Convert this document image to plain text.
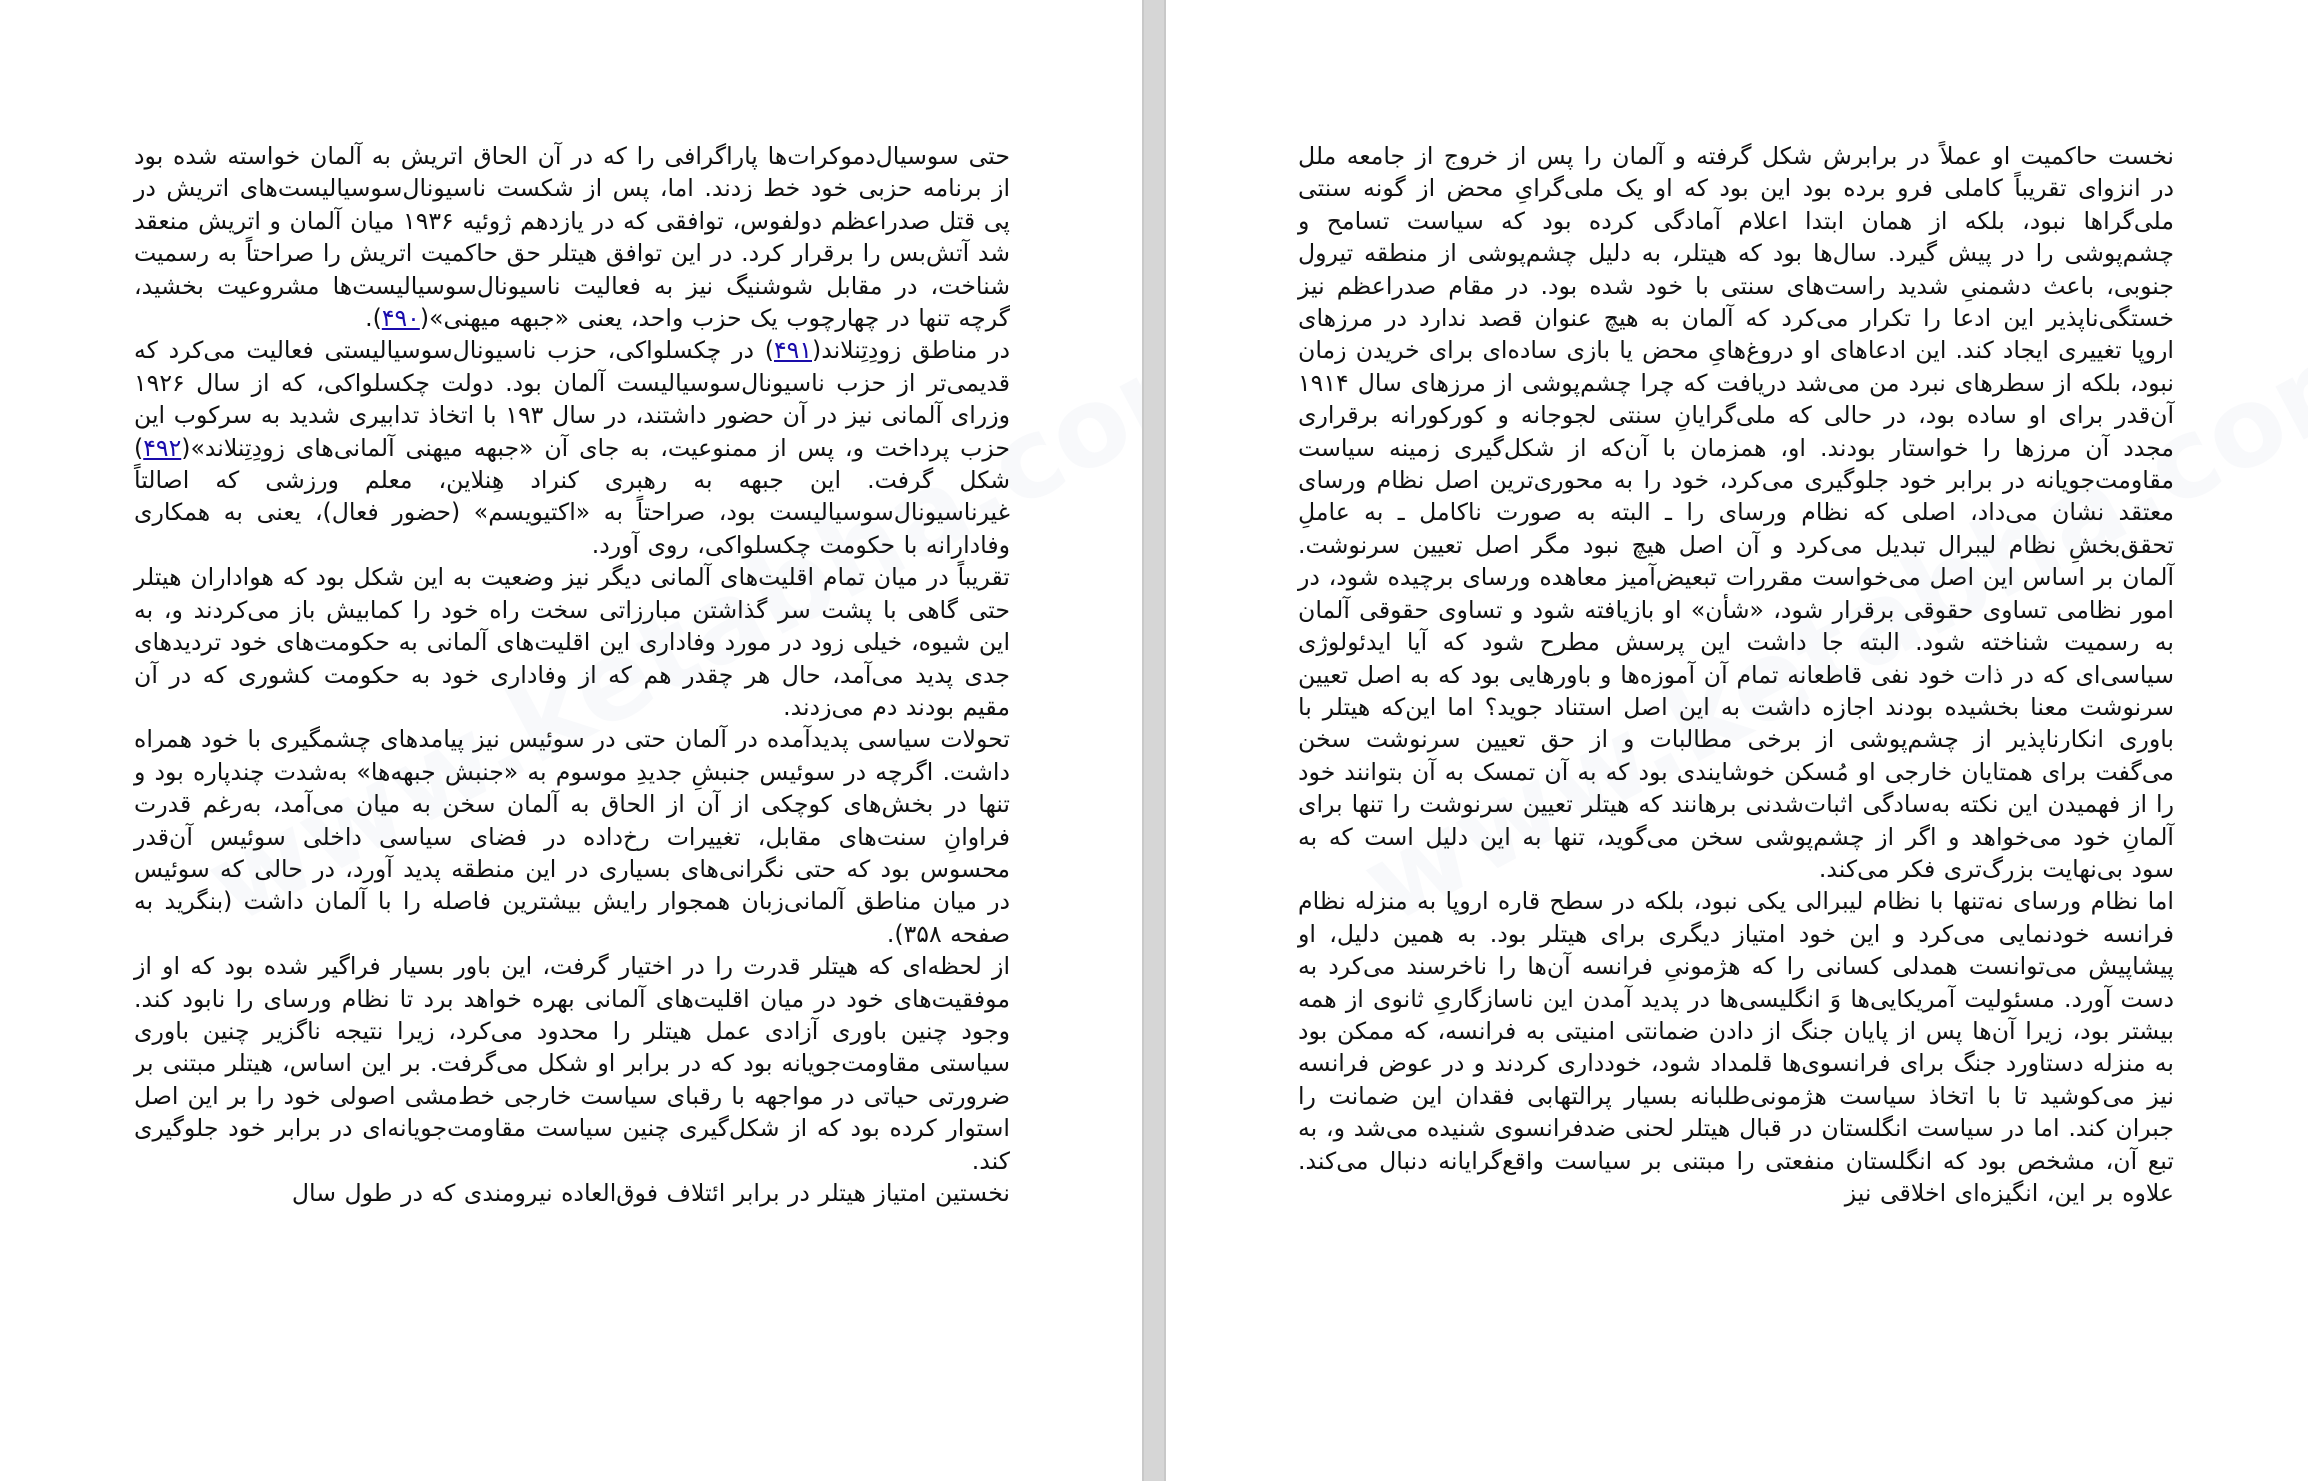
حتی سوسیال‌دموکرات‌ها پاراگرافی را که در آن الحاق اتریش به آلمان خواسته شده بود از برنامه حزبی خود خط زدند. اما، پس از شکست ناسیونال‌سوسیالیست‌های اتریش در پی قتل صدراعظم دولفوس، توافقی که در یازدهم ژوئیه ۱۹۳۶ میان آلمان و اتریش منعقد شد آتش‌بس را برقرار کرد. در این توافق هیتلر حق حاکمیت اتریش را صراحتاً به رسمیت شناخت، در مقابل شوشنیگ نیز به فعالیت ناسیونال‌سوسیالیست‌ها مشروعیت بخشید، گرچه تنها در چهارچوب یک حزب واحد، یعنی «جبهه میهنی»(۴۹۰).

در مناطق زودِتِنلاند(۴۹۱) در چکسلواکی، حزب ناسیونال‌سوسیالیستی فعالیت می‌کرد که قدیمی‌تر از حزب ناسیونال‌سوسیالیست آلمان بود. دولت چکسلواکی، که از سال ۱۹۲۶ وزرای آلمانی نیز در آن حضور داشتند، در سال ۱۹۳ با اتخاذ تدابیری شدید به سرکوب این حزب پرداخت و، پس از ممنوعیت، به جای آن «جبهه میهنی آلمانی‌های زودِتِنلاند»(۴۹۲) شکل گرفت. این جبهه به رهبری کنراد هِنلاین، معلم ورزشی که اصالتاً غیرناسیونال‌سوسیالیست بود، صراحتاً به «اکتیویسم» (حضور فعال)، یعنی به همکاری وفادارانه با حکومت چکسلواکی، روی آورد.

تقریباً در میان تمام اقلیت‌های آلمانی دیگر نیز وضعیت به این شکل بود که هواداران هیتلر حتی گاهی با پشت سر گذاشتن مبارزاتی سخت راه خود را کمابیش باز می‌کردند و، به این شیوه، خیلی زود در مورد وفاداری این اقلیت‌های آلمانی به حکومت‌های خود تردیدهای جدی پدید می‌آمد، حال هر چقدر هم که از وفاداری خود به حکومت کشوری که در آن مقیم بودند دم می‌زدند.

تحولات سیاسی پدیدآمده در آلمان حتی در سوئیس نیز پیامدهای چشمگیری با خود همراه داشت. اگرچه در سوئیس جنبشِ جدیدِ موسوم به «جنبش جبهه‌ها» به‌شدت چندپاره بود و تنها در بخش‌های کوچکی از آن از الحاق به آلمان سخن به میان می‌آمد، به‌رغم قدرت فراوانِ سنت‌های مقابل، تغییرات رخ‌داده در فضای سیاسی داخلی سوئیس آن‌قدر محسوس بود که حتی نگرانی‌های بسیاری در این منطقه پدید آورد، در حالی که سوئیس در میان مناطق آلمانی‌زبان همجوار رایش بیشترین فاصله را با آلمان داشت (بنگرید به صفحه ۳۵۸).

از لحظه‌ای که هیتلر قدرت را در اختیار گرفت، این باور بسیار فراگیر شده بود که او از موفقیت‌های خود در میان اقلیت‌های آلمانی بهره خواهد برد تا نظام ورسای را نابود کند. وجود چنین باوری آزادی عمل هیتلر را محدود می‌کرد، زیرا نتیجه ناگزیر چنین باوری سیاستی مقاومت‌جویانه بود که در برابر او شکل می‌گرفت. بر این اساس، هیتلر مبتنی بر ضرورتی حیاتی در مواجهه با رقبای سیاست خارجی خط‌مشی اصولی خود را بر این اصل استوار کرده بود که از شکل‌گیری چنین سیاست مقاومت‌جویانه‌ای در برابر خود جلوگیری کند.

نخستین امتیاز هیتلر در برابر ائتلاف فوق‌العاده نیرومندی که در طول سال

نخست حاکمیت او عملاً در برابرش شکل گرفته و آلمان را پس از خروج از جامعه ملل در انزوای تقریباً کاملی فرو برده بود این بود که او یک ملی‌گرایِ محض از گونه سنتی ملی‌گراها نبود، بلکه از همان ابتدا اعلام آمادگی کرده بود که سیاست تسامح و چشم‌پوشی را در پیش گیرد. سال‌ها بود که هیتلر، به دلیل چشم‌پوشی از منطقه تیرول جنوبی، باعث دشمنیِ شدید راست‌های سنتی با خود شده بود. در مقام صدراعظم نیز خستگی‌ناپذیر این ادعا را تکرار می‌کرد که آلمان به هیچ عنوان قصد ندارد در مرزهای اروپا تغییری ایجاد کند. این ادعاهای او دروغ‌هایِ محض یا بازی ساده‌ای برای خریدن زمان نبود، بلکه از سطرهای نبرد من می‌شد دریافت که چرا چشم‌پوشی از مرزهای سال ۱۹۱۴ آن‌قدر برای او ساده بود، در حالی که ملی‌گرایانِ سنتی لجوجانه و کورکورانه برقراری مجدد آن مرزها را خواستار بودند. او، همزمان با آن‌که از شکل‌گیری زمینه سیاست مقاومت‌جویانه در برابر خود جلوگیری می‌کرد، خود را به محوری‌ترین اصل نظام ورسای معتقد نشان می‌داد، اصلی که نظام ورسای را ـ البته به صورت ناکامل ـ به عاملِ تحقق‌بخشِ نظام لیبرال تبدیل می‌کرد و آن اصل هیچ نبود مگر اصل تعیین سرنوشت. آلمان بر اساس این اصل می‌خواست مقررات تبعیض‌آمیز معاهده ورسای برچیده شود، در امور نظامی تساوی حقوقی برقرار شود، «شأن» او بازیافته شود و تساوی حقوقی آلمان به رسمیت شناخته شود. البته جا داشت این پرسش مطرح شود که آیا ایدئولوژی سیاسی‌ای که در ذات خود نفی قاطعانه تمام آن آموزه‌ها و باورهایی بود که به اصل تعیین سرنوشت معنا بخشیده بودند اجازه داشت به این اصل استناد جوید؟ اما این‌که هیتلر با باوری انکارناپذیر از چشم‌پوشی از برخی مطالبات و از حق تعیین سرنوشت سخن می‌گفت برای همتایان خارجی او مُسکن خوشایندی بود که به آن تمسک به آن بتوانند خود را از فهمیدن این نکته به‌سادگی اثبات‌شدنی برهانند که هیتلر تعیین سرنوشت را تنها برای آلمانِ خود می‌خواهد و اگر از چشم‌پوشی سخن می‌گوید، تنها به این دلیل است که به سود بی‌نهایت بزرگ‌تری فکر می‌کند.

اما نظام ورسای نه‌تنها با نظام لیبرالی یکی نبود، بلکه در سطح قاره اروپا به منزله نظام فرانسه خودنمایی می‌کرد و این خود امتیاز دیگری برای هیتلر بود. به همین دلیل، او پیشاپیش می‌توانست همدلی کسانی را که هژمونیِ فرانسه آن‌ها را ناخرسند می‌کرد به دست آورد. مسئولیت آمریکایی‌ها وَ انگلیسی‌ها در پدید آمدن این ناسازگاریِ ثانوی از همه بیشتر بود، زیرا آن‌ها پس از پایان جنگ از دادن ضمانتی امنیتی به فرانسه، که ممکن بود به منزله دستاورد جنگ برای فرانسوی‌ها قلمداد شود، خودداری کردند و در عوض فرانسه نیز می‌کوشید تا با اتخاذ سیاست هژمونی‌طلبانه بسیار پرالتهابی فقدان این ضمانت را جبران کند. اما در سیاست انگلستان در قبال هیتلر لحنی ضدفرانسوی شنیده می‌شد و، به تبع آن، مشخص بود که انگلستان منفعتی را مبتنی بر سیاست واقع‌گرایانه دنبال می‌کند. علاوه بر این، انگیزه‌ای اخلاقی نیز
